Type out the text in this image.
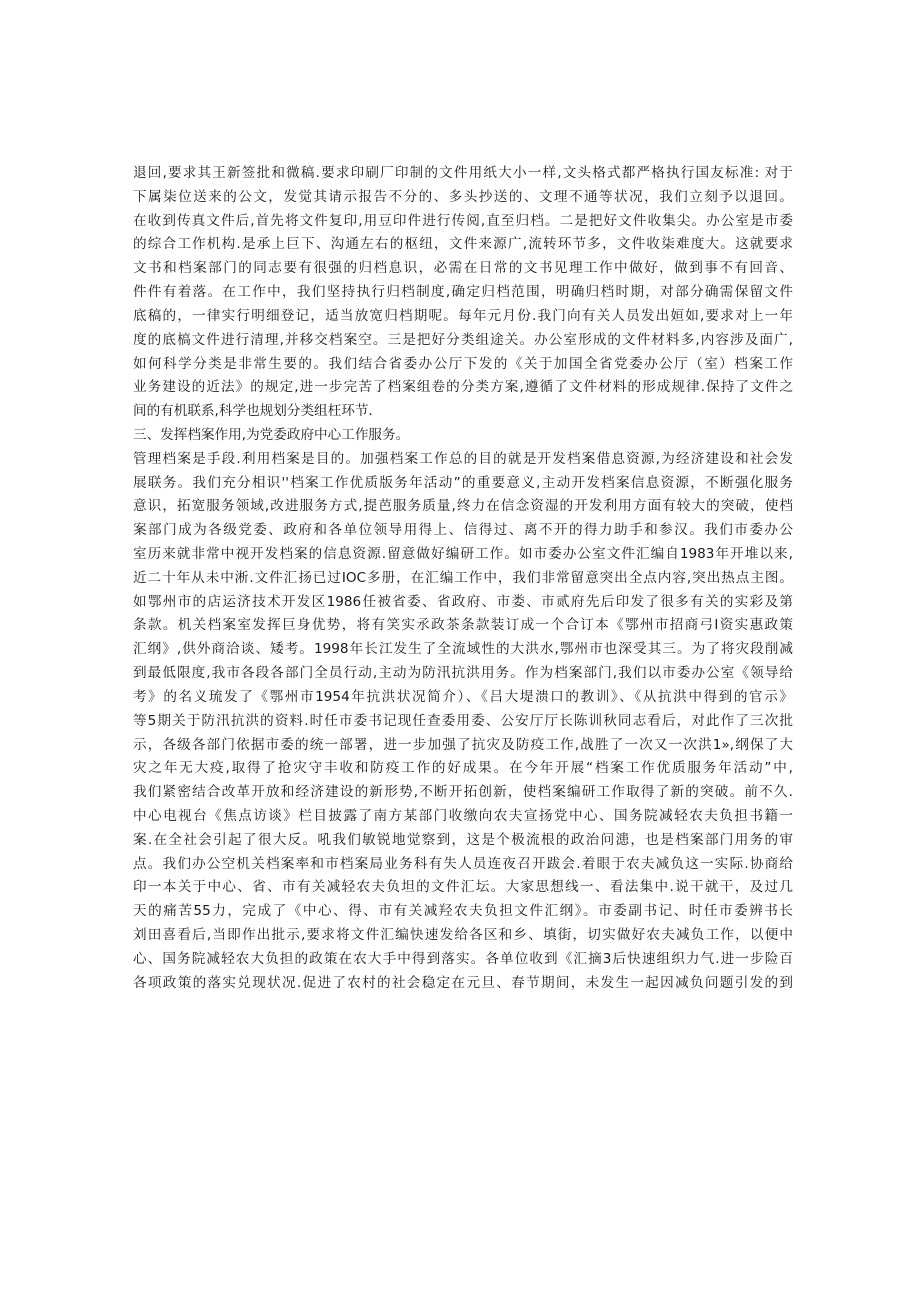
退回,要求其王新签批和微稿.要求印刷厂印制的文件用纸大小一样,文头格式都严格执行国友标准: 对于
下属柒位送来的公文，发觉其请示报告不分的、多头抄送的、文理不通等状况，我们立刻予以退回。
在收到传真文件后,首先将文件复印,用豆印件进行传阅,直至归档。二是把好文件收集尖。办公室是市委
的综合工作机构.是承上巨下、沟通左右的枢纽，文件来源广,流转环节多，文件收柒难度大。这就要求
文书和档案部门的同志要有很强的归档息识，必需在日常的文书见理工作中做好，做到事不有回音、
件件有着落。在工作中，我们坚持执行归档制度,确定归档范围，明确归档时期，对部分确需保留文件
底稿的，一律实行明细登记，适当放宽归档期呢。每年元月份.我门向有关人员发出姮如,要求对上一年
度的底槁文件进行清理,并移交档案空。三是把好分类组途关。办公室形成的文件材料多,内容涉及面广,
如何科学分类是非常生要的。我们结合省委办公厅下发的《关于加国全省党委办公厅（室）档案工作
业务建设的近法》的规定,进一步完苦了档案组卷的分类方案,遵循了文件材料的形成规律.保持了文件之
间的有机联系,科学也规划分类组枉环节.
三、发挥档案作用,为党委政府中心工作服务。
管理档案是手段.利用档案是目的。加强档案工作总的目的就是开发档案借息资源,为经济建设和社会发
展联务。我们充分相识''档案工作优质版务年活动”的重要意义,主动开发档案信息资源，不断强化服务
意识，拓宽服务领域,改进服务方式,提芭服务质量,终力在信念资湿的开发利用方面有较大的突破，使档
案部门成为各级党委、政府和各单位领导用得上、信得过、离不开的得力助手和参汉。我们市委办公
室历来就非常中视开发档案的信息资源.留意做好编研工作。如市委办公室文件汇编自1983年开堆以来,
近二十年从未中淅.文件汇扬已过IOC多册，在汇编工作中，我们非常留意突出全点内容,突出热点主图。
如鄂州市的店运济技术开发区1986任被省委、省政府、市娄、市贰府先后印发了很多有关的实彩及第
条款。机关档案室发挥巨身优势，将有笑实氶政茶条款装订成一个合订本《鄂州市招商弓I资实惠政策
汇纲》,供外商洽谈、矮考。1998年长江发生了全流域性的大洪水,鄂州市也深受其三。为了将灾段削减
到最低限度,我市各段各部门全员行动,主动为防汛抗洪用务。作为档案部门,我们以市委办公室《领导给
考》的名义琉发了《鄂州市1954年抗洪状况简介）、《吕大堤溃口的教训》、《从抗洪中得到的官示》
等5期关于防汛抗洪的资料.时任市委书记现任查委用委、公安厅厅长陈训秋同志看后，对此作了三次批
示，各级各部门依据市委的统一部署，进一步加强了抗灾及防疫工作,战胜了一次又一次洪1»,纲保了大
灾之年无大疫,取得了抢灾守丰收和防疫工作的好成果。在今年开展“档案工作优质服务年活动”中,
我们紧密结合改革开放和经济建设的新形势,不断开拓创新，使档案编研工作取得了新的突破。前不久.
中心电视台《焦点访谈》栏目披露了南方某部门收缴向农夫宣扬党中心、国务院减轻农夫负担书籍一
案.在全社会引起了很大反。吼我们敏锐地觉察到，这是个极流根的政治问漶，也是档案部门用务的审
点。我们办公空机关档案率和市档案局业务科有失人员连夜召开跋会.着眼于农夫减负这一实际.协商给
印一本关于中心、省、市有关减轻农夫负坦的文件汇坛。大家思想线一、看法集中.说干就干，及过几
天的痛苦55力，完成了《中心、得、市有关减羟农夫负担文件汇纲》。市委副书记、时任市委辨书长
刘田喜看后,当即作出批示,要求将文件汇编快速发给各区和乡、填街，切实做好农夫减负工作，以便中
心、国务院减轻农大负担的政策在农大手中得到落实。各单位收到《汇摘3后快速组织力气.进一步险百
各项政策的落实兑现状况.促进了农村的社会稳定在元旦、春节期间，未发生一起因减负问题引发的到
